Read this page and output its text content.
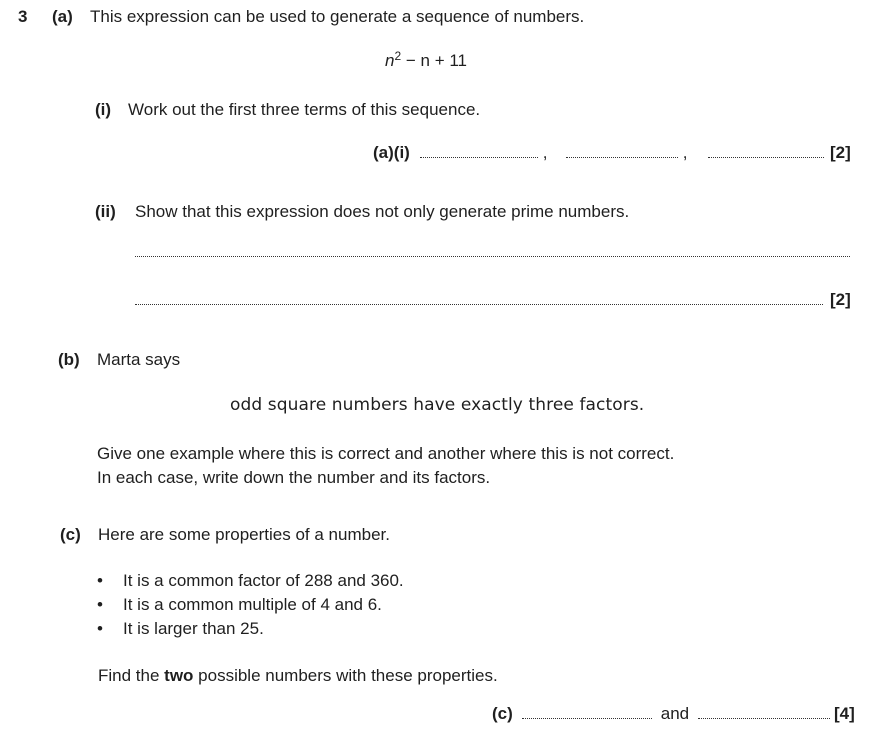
3 (a) This expression can be used to generate a sequence of numbers.
$n^2 - n + 11$
(i) Work out the first three terms of this sequence.
(a)(i)	,	,	[2]
(ii) Show that this expression does not only generate prime numbers.
[2]
(b) Marta says
odd square numbers have exactly three factors.
Give one example where this is correct and another where this is not correct.
In each case, write down the number and its factors.
(c) Here are some properties of a number.
• It is a common factor of 288 and 360.
• It is a common multiple of 4 and 6.
• It is larger than 25.
Find the two possible numbers with these properties.
(c)	and	[4]
